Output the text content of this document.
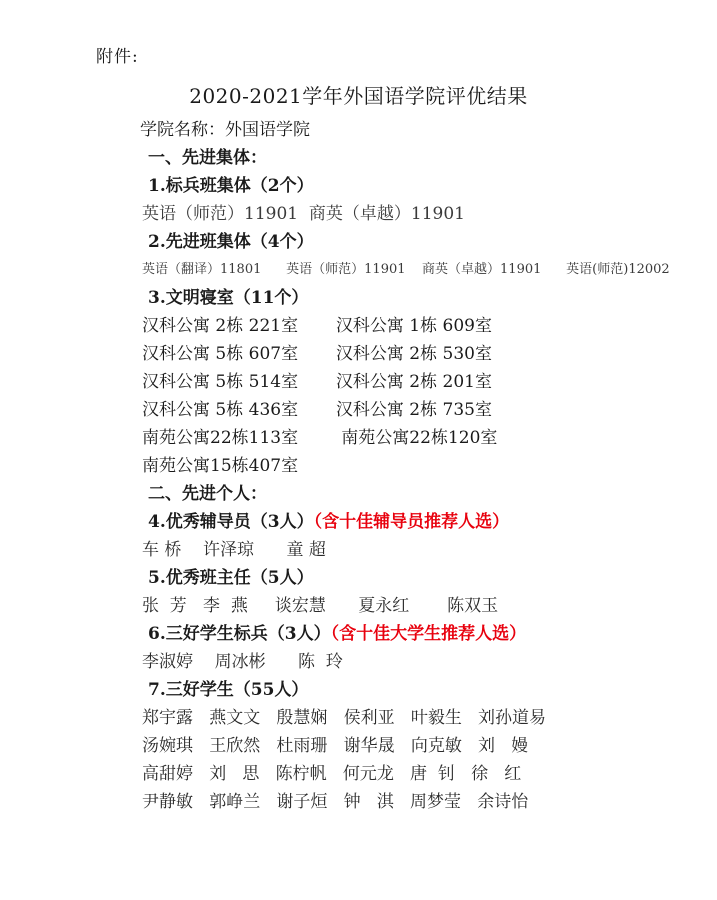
附件:
2020-2021学年外国语学院评优结果
学院名称：外国语学院
一、先进集体：
1.标兵班集体（2个）
英语（师范）11901  商英（卓越）11901
2.先进班集体（4个）
英语（翻译）11801      英语（师范）11901    商英（卓越）11901      英语(师范)12002
3.文明寝室（11个）
汉科公寓 2栋 221室       汉科公寓 1栋 609室
汉科公寓 5栋 607室       汉科公寓 2栋 530室
汉科公寓 5栋 514室       汉科公寓 2栋 201室
汉科公寓 5栋 436室       汉科公寓 2栋 735室
南苑公寓22栋113室        南苑公寓22栋120室
南苑公寓15栋407室
二、先进个人：
4.优秀辅导员（3人）（含十佳辅导员推荐人选）
车 桥    许泽琼      童 超
5.优秀班主任（5人）
张  芳   李  燕     谈宏慧      夏永红       陈双玉
6.三好学生标兵（3人）（含十佳大学生推荐人选）
李淑婷    周冰彬      陈  玲
7.三好学生（55人）
郑宇露   燕文文   殷慧娴   侯利亚   叶毅生   刘孙道易
汤婉琪   王欣然   杜雨珊   谢华晟   向克敏   刘   嫚
高甜婷   刘   思   陈柠帆   何元龙   唐  钊   徐   红
尹静敏   郭峥兰   谢子烜   钟   淇   周梦莹   余诗怡
